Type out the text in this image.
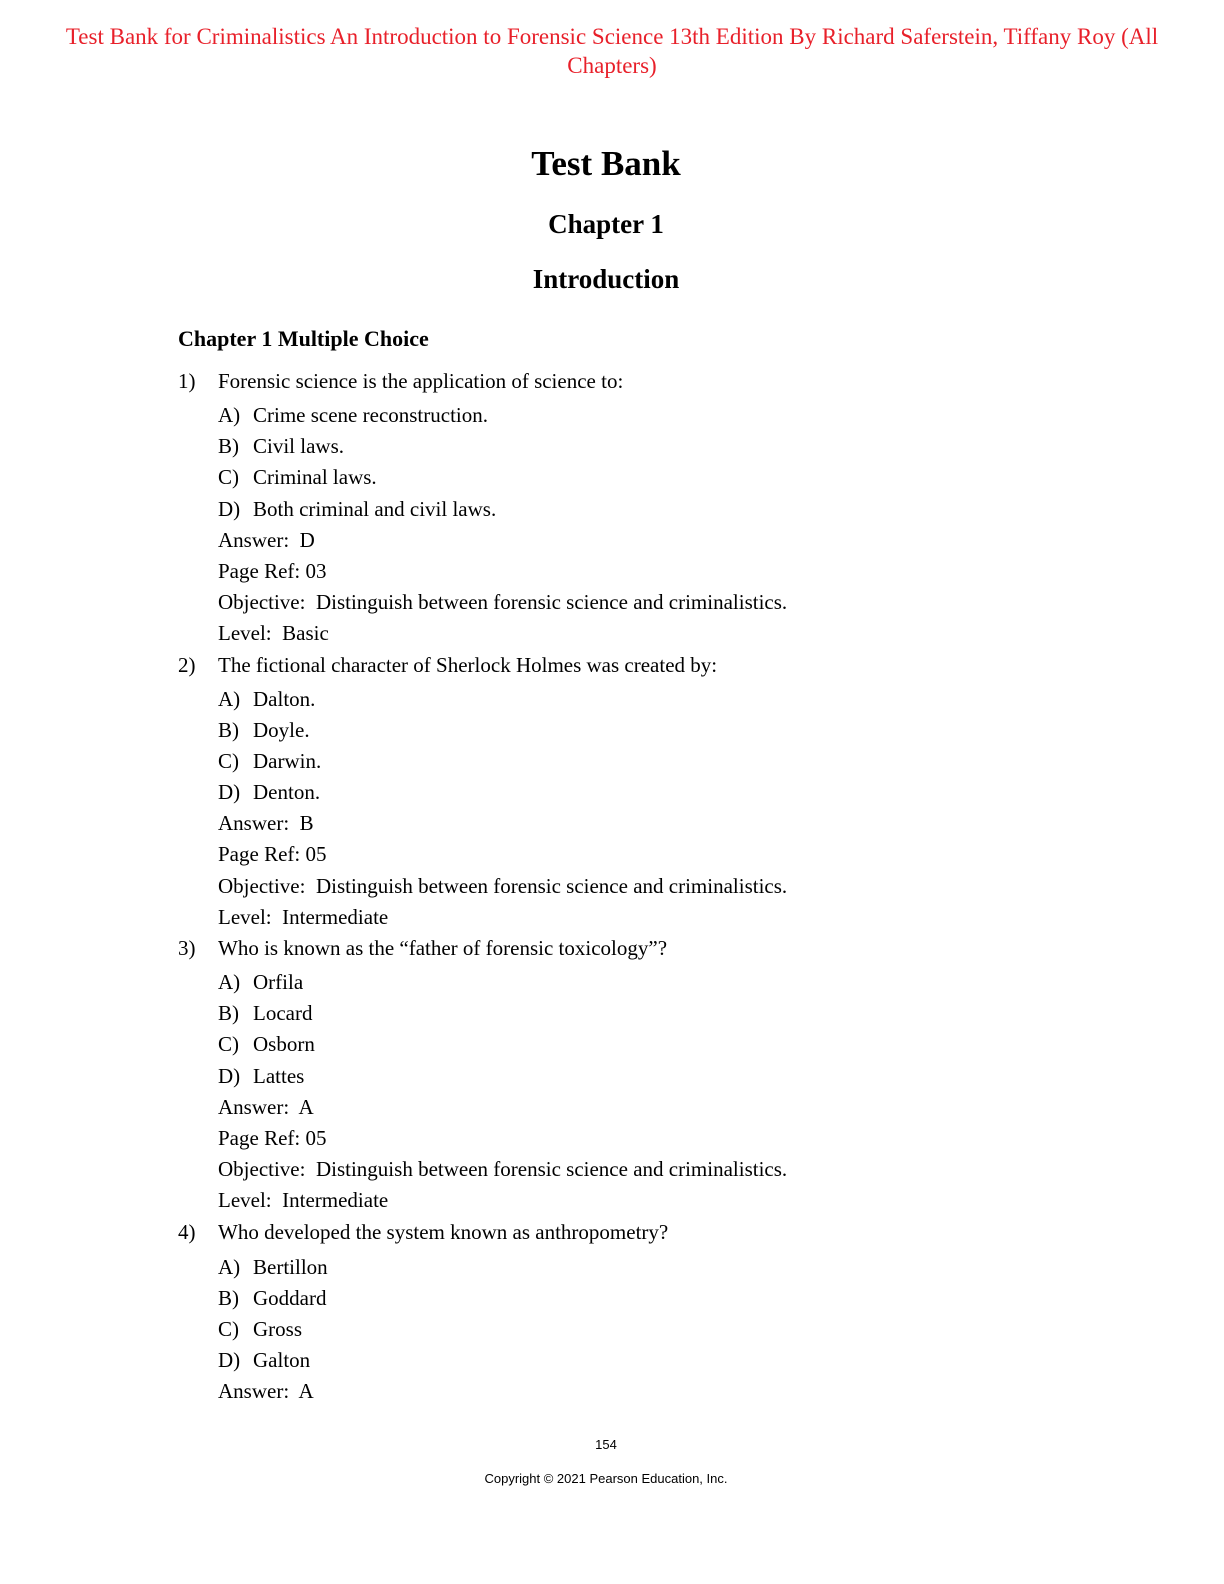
Test Bank for Criminalistics An Introduction to Forensic Science 13th Edition By Richard Saferstein, Tiffany Roy (All Chapters)
Test Bank
Chapter 1
Introduction
Chapter 1 Multiple Choice
1)	Forensic science is the application of science to:
A) Crime scene reconstruction.
B) Civil laws.
C) Criminal laws.
D) Both criminal and civil laws.
Answer:  D
Page Ref: 03
Objective:  Distinguish between forensic science and criminalistics.
Level:  Basic
2)	The fictional character of Sherlock Holmes was created by:
A) Dalton.
B) Doyle.
C) Darwin.
D) Denton.
Answer:  B
Page Ref: 05
Objective:  Distinguish between forensic science and criminalistics.
Level:  Intermediate
3)	Who is known as the “father of forensic toxicology”?
A) Orfila
B) Locard
C) Osborn
D) Lattes
Answer:  A
Page Ref: 05
Objective:  Distinguish between forensic science and criminalistics.
Level:  Intermediate
4)	Who developed the system known as anthropometry?
A) Bertillon
B) Goddard
C) Gross
D) Galton
Answer:  A
154
Copyright © 2021 Pearson Education, Inc.
